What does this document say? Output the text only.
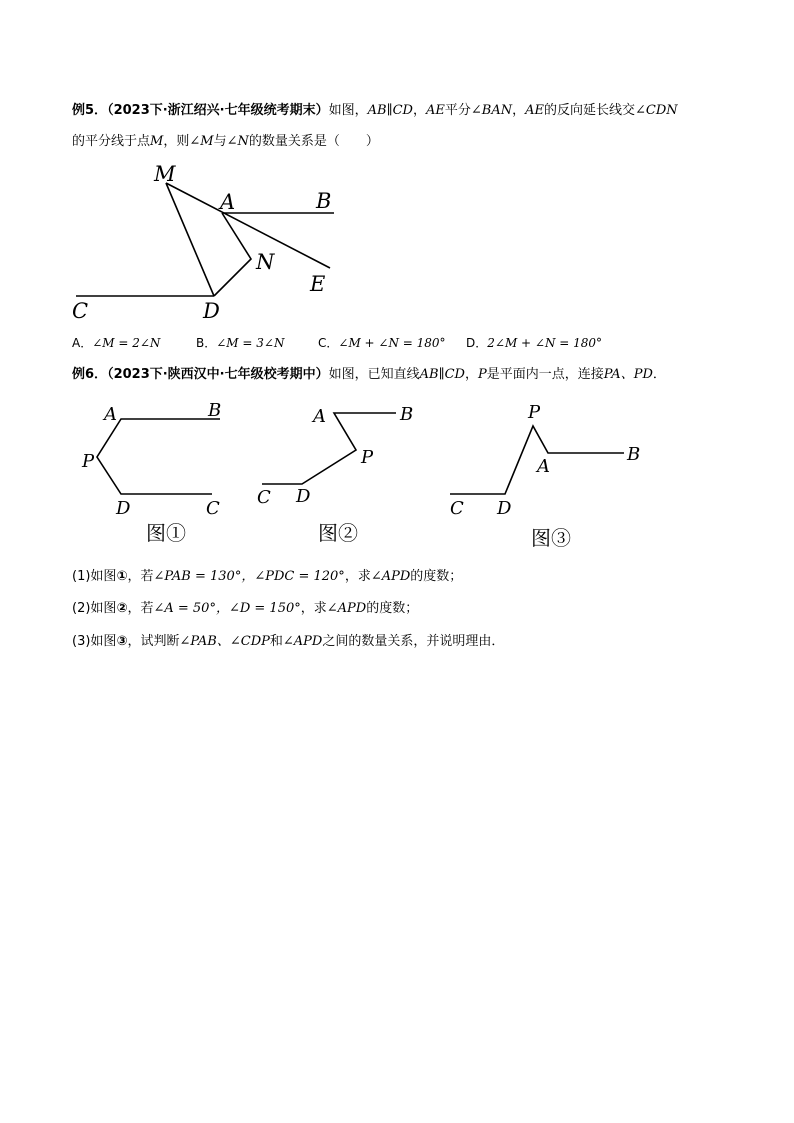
例5．（2023下·浙江绍兴·七年级统考期末）如图，AB∥CD，AE平分∠BAN，AE的反向延长线交∠CDN
的平分线于点M，则∠M与∠N的数量关系是（　　）
M
A	B
N
E
C	D
A．∠M = 2∠N	B．∠M = 3∠N	C．∠M + ∠N = 180° D．2∠M + ∠N = 180°
例6．（2023下·陕西汉中·七年级校考期中）如图，已知直线AB∥CD，P是平面内一点，连接PA、PD．
A	B
P
D	C
图①
A	B
P
C D
图②
P
A
B
C D
图③
(1)如图①，若∠PAB = 130°，∠PDC = 120°，求∠APD的度数；
(2)如图②，若∠A = 50°，∠D = 150°，求∠APD的度数；
(3)如图③，试判断∠PAB、∠CDP和∠APD之间的数量关系，并说明理由．
